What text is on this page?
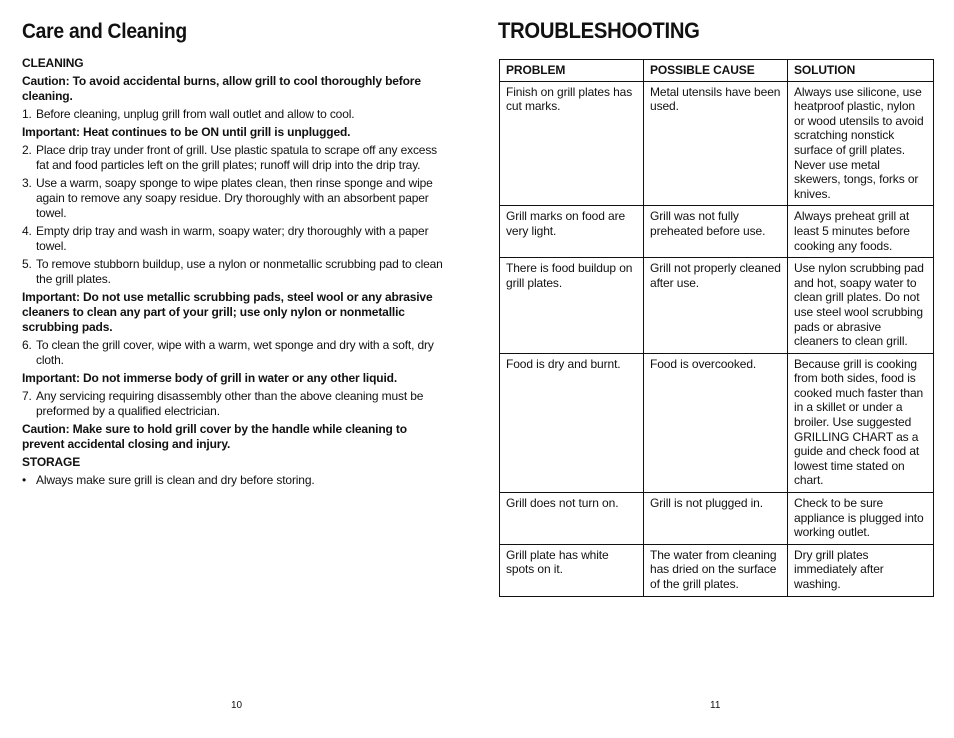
Care and Cleaning

CLEANING

Caution: To avoid accidental burns, allow grill to cool thoroughly before cleaning.

1. Before cleaning, unplug grill from wall outlet and allow to cool.

Important: Heat continues to be ON until grill is unplugged.

2. Place drip tray under front of grill. Use plastic spatula to scrape off any excess fat and food particles left on the grill plates; runoff will drip into the drip tray.
3. Use a warm, soapy sponge to wipe plates clean, then rinse sponge and wipe again to remove any soapy residue. Dry thoroughly with an absorbent paper towel.
4. Empty drip tray and wash in warm, soapy water; dry thoroughly with a paper towel.
5. To remove stubborn buildup, use a nylon or nonmetallic scrubbing pad to clean the grill plates.

Important: Do not use metallic scrubbing pads, steel wool or any abrasive cleaners to clean any part of your grill; use only nylon or nonmetallic scrubbing pads.

6. To clean the grill cover, wipe with a warm, wet sponge and dry with a soft, dry cloth.

Important: Do not immerse body of grill in water or any other liquid.

7. Any servicing requiring disassembly other than the above cleaning must be preformed by a qualified electrician.

Caution: Make sure to hold grill cover by the handle while cleaning to prevent accidental closing and injury.

STORAGE

• Always make sure grill is clean and dry before storing.
10
TROUBLESHOOTING
PROBLEM	POSSIBLE CAUSE	SOLUTION
Finish on grill plates has cut marks.	Metal utensils have been used.	Always use silicone, use heatproof plastic, nylon or wood utensils to avoid scratching nonstick surface of grill plates. Never use metal skewers, tongs, forks or knives.
Grill marks on food are very light.	Grill was not fully preheated before use.	Always preheat grill at least 5 minutes before cooking any foods.
There is food buildup on grill plates.	Grill not properly cleaned after use.	Use nylon scrubbing pad and hot, soapy water to clean grill plates. Do not use steel wool scrubbing pads or abrasive cleaners to clean grill.
Food is dry and burnt.	Food is overcooked.	Because grill is cooking from both sides, food is cooked much faster than in a skillet or under a broiler. Use suggested GRILLING CHART as a guide and check food at lowest time stated on chart.
Grill does not turn on.	Grill is not plugged in.	Check to be sure appliance is plugged into working outlet.
Grill plate has white spots on it.	The water from cleaning has dried on the surface of the grill plates.	Dry grill plates immediately after washing.
11
